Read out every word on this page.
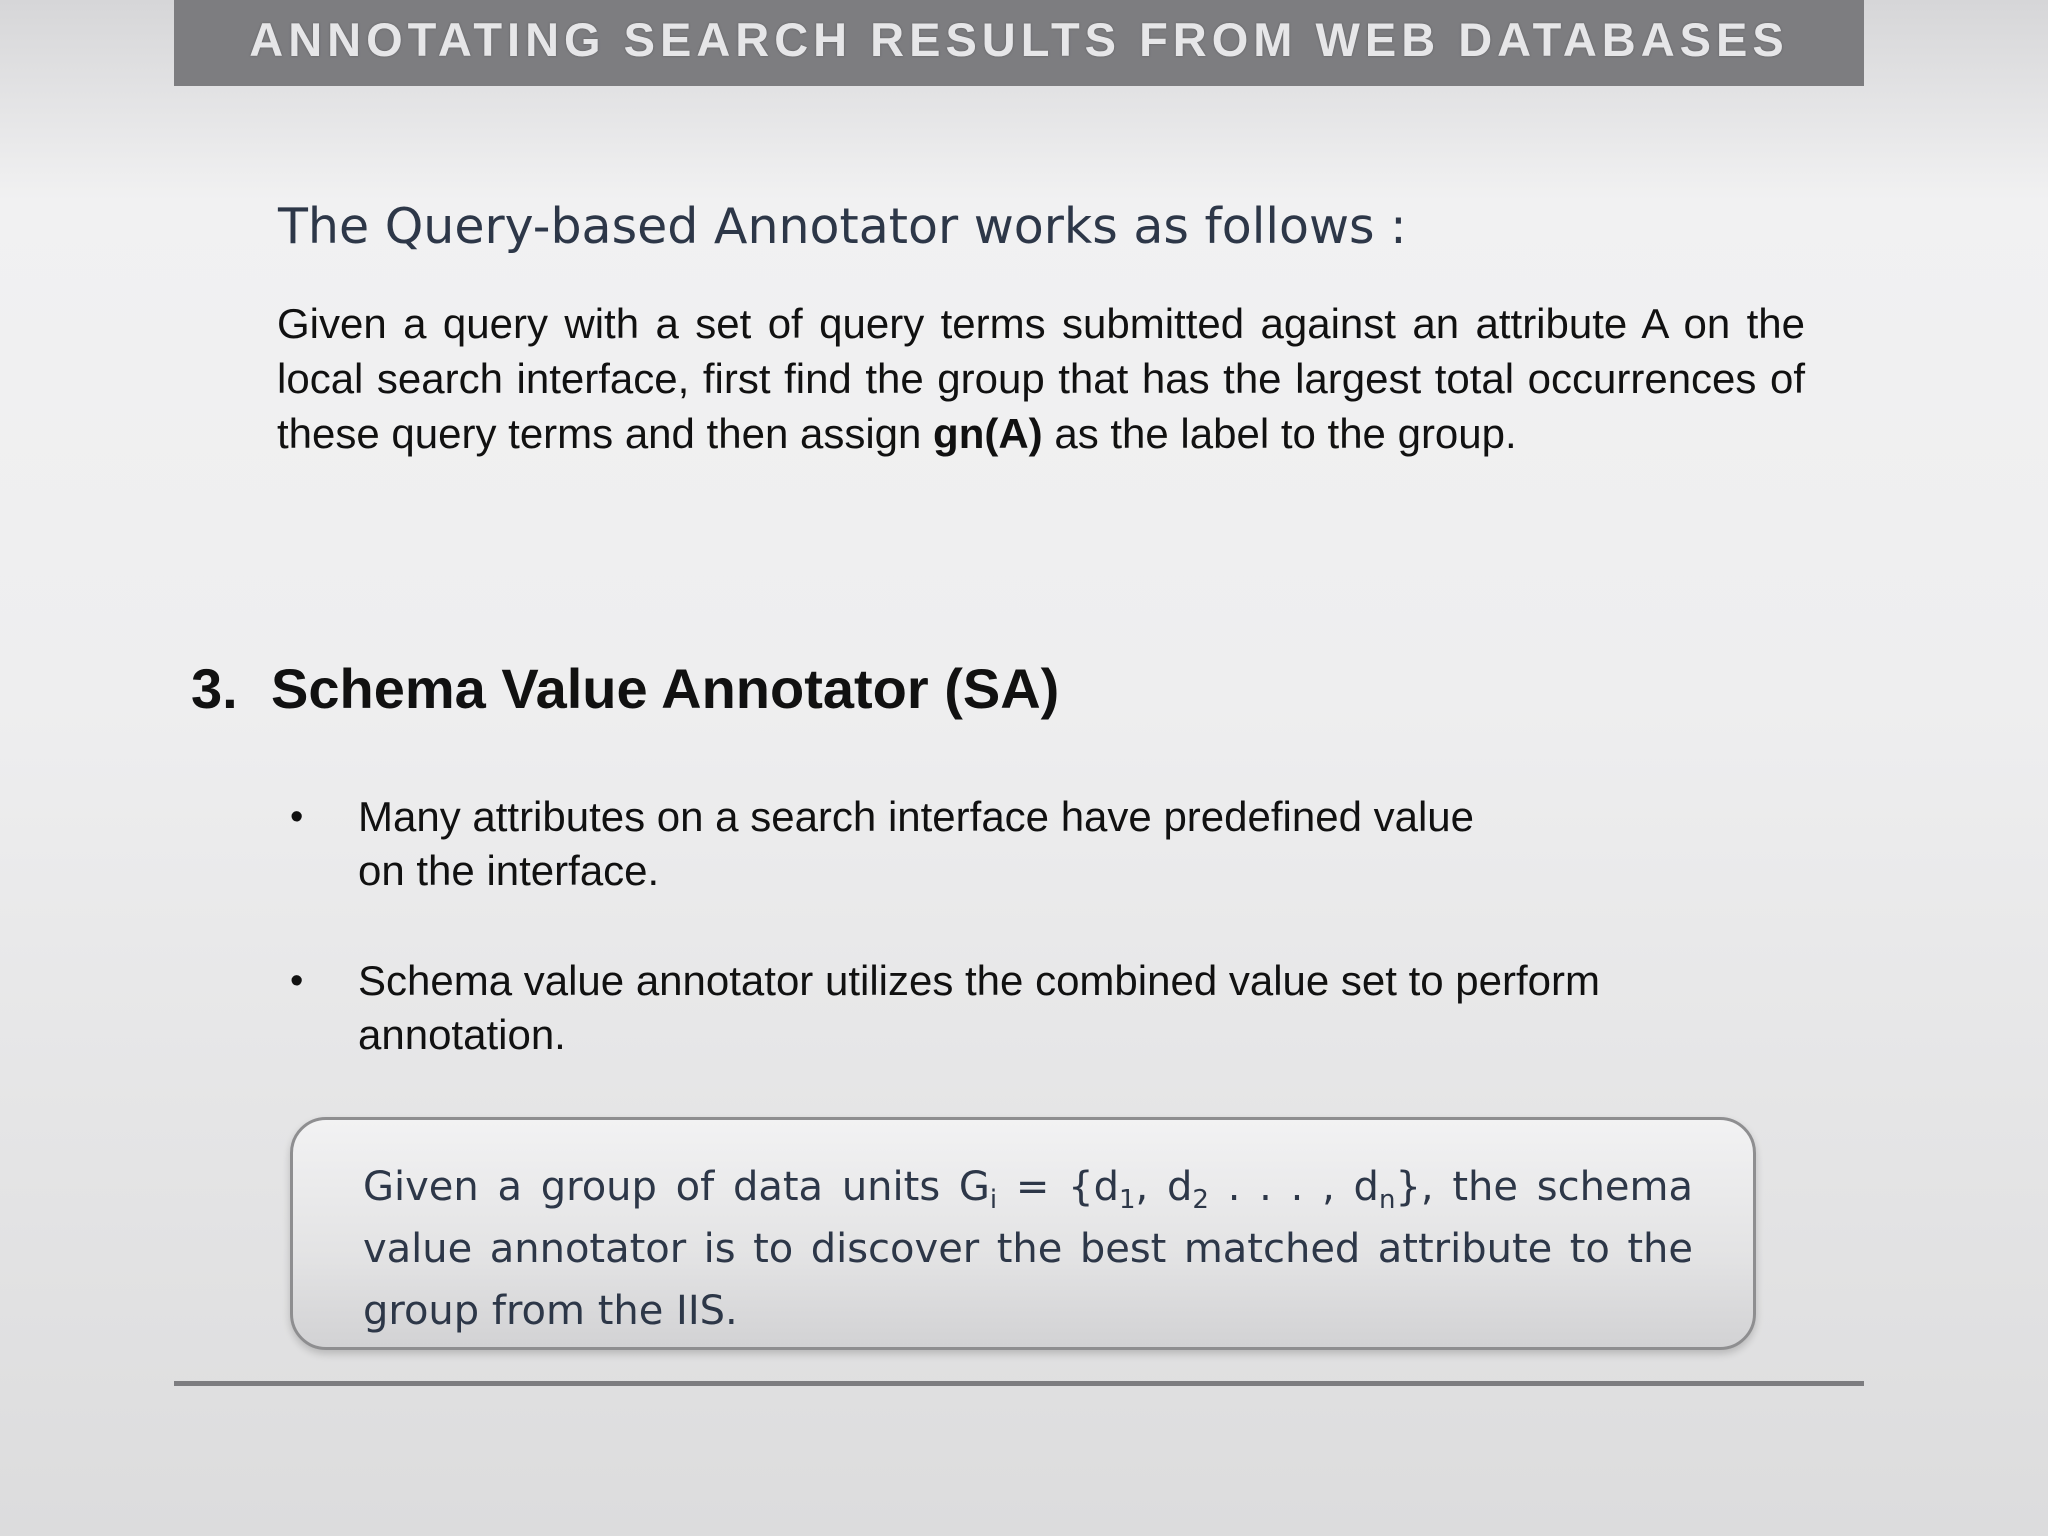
ANNOTATING SEARCH RESULTS FROM WEB DATABASES
The Query-based Annotator works as follows :
Given a query with a set of query terms submitted against an attribute A on the local search interface, first find the group that has the largest total occurrences of these query terms and then assign gn(A) as the label to the group.
3. Schema Value Annotator (SA)
• Many attributes on a search interface have predefined value
on the interface.
• Schema value annotator utilizes the combined value set to perform
annotation.
Given a group of data units $G_i = \{d_1$, $d_2$ . . . , $d_n$}, the schema value annotator is to discover the best matched attribute to the group from the IIS.
